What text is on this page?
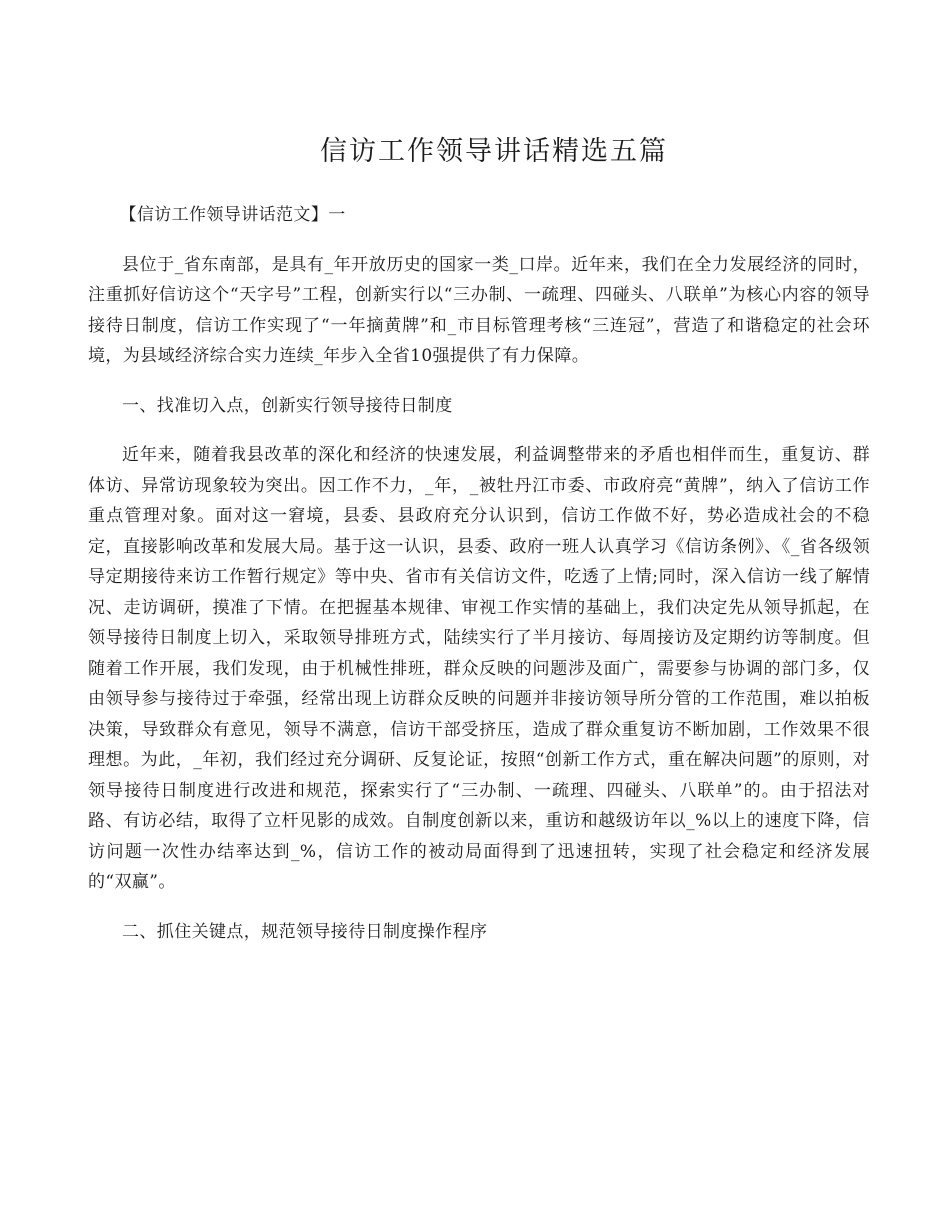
信访工作领导讲话精选五篇

【信访工作领导讲话范文】一

县位于_省东南部，是具有_年开放历史的国家一类_口岸。近年来，我们在全力发展经济的同时，注重抓好信访这个“天字号”工程，创新实行以“三办制、一疏理、四碰头、八联单”为核心内容的领导接待日制度，信访工作实现了“一年摘黄牌”和_市目标管理考核“三连冠”，营造了和谐稳定的社会环境，为县域经济综合实力连续_年步入全省10强提供了有力保障。

一、找准切入点，创新实行领导接待日制度

近年来，随着我县改革的深化和经济的快速发展，利益调整带来的矛盾也相伴而生，重复访、群体访、异常访现象较为突出。因工作不力，_年，_被牡丹江市委、市政府亮“黄牌”，纳入了信访工作重点管理对象。面对这一窘境，县委、县政府充分认识到，信访工作做不好，势必造成社会的不稳定，直接影响改革和发展大局。基于这一认识，县委、政府一班人认真学习《信访条例》、《_省各级领导定期接待来访工作暂行规定》等中央、省市有关信访文件，吃透了上情;同时，深入信访一线了解情况、走访调研，摸准了下情。在把握基本规律、审视工作实情的基础上，我们决定先从领导抓起，在领导接待日制度上切入，采取领导排班方式，陆续实行了半月接访、每周接访及定期约访等制度。但随着工作开展，我们发现，由于机械性排班，群众反映的问题涉及面广，需要参与协调的部门多，仅由领导参与接待过于牵强，经常出现上访群众反映的问题并非接访领导所分管的工作范围，难以拍板决策，导致群众有意见，领导不满意，信访干部受挤压，造成了群众重复访不断加剧，工作效果不很理想。为此，_年初，我们经过充分调研、反复论证，按照“创新工作方式，重在解决问题”的原则，对领导接待日制度进行改进和规范，探索实行了“三办制、一疏理、四碰头、八联单”的。由于招法对路、有访必结，取得了立杆见影的成效。自制度创新以来，重访和越级访年以_%以上的速度下降，信访问题一次性办结率达到_%，信访工作的被动局面得到了迅速扭转，实现了社会稳定和经济发展的“双赢”。

二、抓住关键点，规范领导接待日制度操作程序
